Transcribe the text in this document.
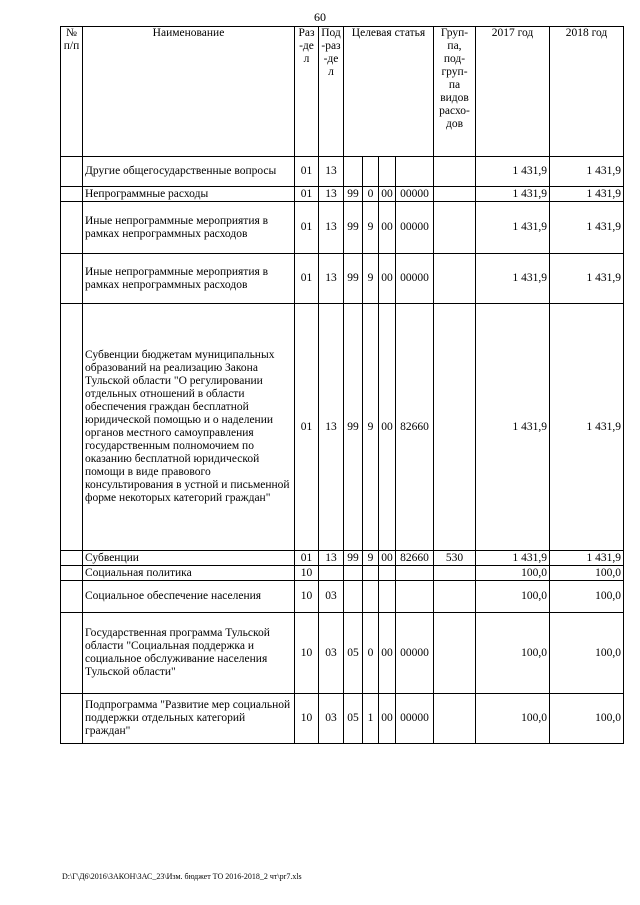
60
№ п/п	Наименование	Раз-дел	Под-раз-дел	Целевая статья				Груп-па, под-груп-па видов расхо-дов	2017 год	2018 год
	Другие общегосударственные вопросы	01	13						1 431,9	1 431,9
	Непрограммные расходы	01	13	99	0	00	00000		1 431,9	1 431,9
	Иные непрограммные мероприятия в рамках непрограммных расходов	01	13	99	9	00	00000		1 431,9	1 431,9
	Иные непрограммные мероприятия в рамках непрограммных расходов	01	13	99	9	00	00000		1 431,9	1 431,9
	Субвенции бюджетам муниципальных образований на реализацию Закона Тульской области "О регулировании отдельных отношений в области обеспечения граждан бесплатной юридической помощью и о наделении органов местного самоуправления государственным полномочием по оказанию бесплатной юридической помощи в виде правового консультирования в устной и письменной форме некоторых категорий граждан"	01	13	99	9	00	82660		1 431,9	1 431,9
	Субвенции	01	13	99	9	00	82660	530	1 431,9	1 431,9
	Социальная политика	10							100,0	100,0
	Социальное обеспечение населения	10	03						100,0	100,0
	Государственная программа Тульской области "Социальная поддержка и социальное обслуживание населения Тульской области"	10	03	05	0	00	00000		100,0	100,0
	Подпрограмма "Развитие мер социальной поддержки отдельных категорий граждан"	10	03	05	1	00	00000		100,0	100,0
D:\Г\Д6\2016\ЗАКОН\ЗАС_23\Изм. бюджет ТО 2016-2018_2 чт\pr7.xls
